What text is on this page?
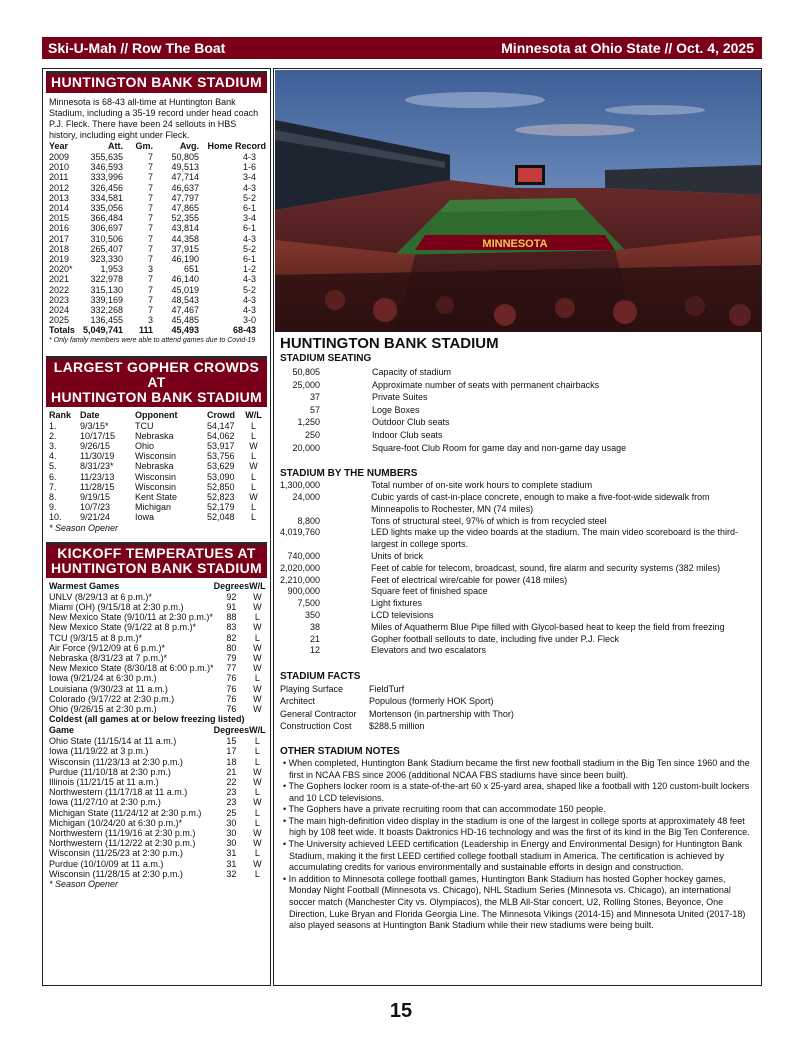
Ski-U-Mah // Row The Boat	Minnesota at Ohio State // Oct. 4, 2025
HUNTINGTON BANK STADIUM
Minnesota is 68-43 all-time at Huntington Bank Stadium, including a 35-19 record under head coach P.J. Fleck. There have been 24 sellouts in HBS history, including eight under Fleck.
Year	Att.	Gm.	Avg.	Home Record
2009	355,635	7	50,805	4-3
2010	346,593	7	49,513	1-6
2011	333,996	7	47,714	3-4
2012	326,456	7	46,637	4-3
2013	334,581	7	47,797	5-2
2014	335,056	7	47,865	6-1
2015	366,484	7	52,355	3-4
2016	306,697	7	43,814	6-1
2017	310,506	7	44,358	4-3
2018	265,407	7	37,915	5-2
2019	323,330	7	46,190	6-1
2020*	1,953	3	651	1-2
2021	322,978	7	46,140	4-3
2022	315,130	7	45,019	5-2
2023	339,169	7	48,543	4-3
2024	332,268	7	47,467	4-3
2025	136,455	3	45,485	3-0
Totals	5,049,741	111	45,493	68-43
* Only family members were able to attend games due to Covid-19
LARGEST GOPHER CROWDS AT
HUNTINGTON BANK STADIUM
Rank	Date	Opponent	Crowd	W/L
1.	9/3/15*	TCU	54,147	L
2.	10/17/15	Nebraska	54,062	L
3.	9/26/15	Ohio	53,917	W
4.	11/30/19	Wisconsin	53,756	L
5.	8/31/23*	Nebraska	53,629	W
6.	11/23/13	Wisconsin	53,090	L
7.	11/28/15	Wisconsin	52,850	L
8.	9/19/15	Kent State	52,823	W
9.	10/7/23	Michigan	52,179	L
10.	9/21/24	Iowa	52,048	L
* Season Opener
KICKOFF TEMPERATUES AT
HUNTINGTON BANK STADIUM
Warmest Games	Degrees	W/L
UNLV (8/29/13 at 6 p.m.)*	92	W
Miami (OH) (9/15/18 at 2:30 p.m.)	91	W
New Mexico State (9/10/11 at 2:30 p.m.)*	88	L
New Mexico State (9/1/22 at 8 p.m.)*	83	W
TCU (9/3/15 at 8 p.m.)*	82	L
Air Force (9/12/09 at 6 p.m.)*	80	W
Nebraska (8/31/23 at 7 p.m.)*	79	W
New Mexico State (8/30/18 at 6:00 p.m.)*	77	W
Iowa (9/21/24 at 6:30 p.m.)	76	L
Louisiana (9/30/23 at 11 a.m.)	76	W
Colorado (9/17/22 at 2:30 p.m.)	76	W
Ohio (9/26/15 at 2:30 p.m.)	76	W
Coldest (all games at or below freezing listed)		
Game	Degrees	W/L
Ohio State (11/15/14 at 11 a.m.)	15	L
Iowa (11/19/22 at 3 p.m.)	17	L
Wisconsin (11/23/13 at 2:30 p.m.)	18	L
Purdue (11/10/18 at 2:30 p.m.)	21	W
Illinois (11/21/15 at 11 a.m.)	22	W
Northwestern (11/17/18 at 11 a.m.)	23	L
Iowa (11/27/10 at 2:30 p.m.)	23	W
Michigan State (11/24/12 at 2:30 p.m.)	25	L
Michigan (10/24/20 at 6:30 p.m.)*	30	L
Northwestern (11/19/16 at 2:30 p.m.)	30	W
Northwestern (11/12/22 at 2:30 p.m.)	30	W
Wisconsin (11/25/23 at 2:30 p.m.)	31	L
Purdue (10/10/09 at 11 a.m.)	31	W
Wisconsin (11/28/15 at 2:30 p.m.)	32	L
* Season Opener
MINNESOTA
HUNTINGTON BANK STADIUM
STADIUM SEATING
50,805	Capacity of stadium
25,000	Approximate number of seats with permanent chairbacks
37	Private Suites
57	Loge Boxes
1,250	Outdoor Club seats
250	Indoor Club seats
20,000	Square-foot Club Room for game day and non-game day usage
STADIUM BY THE NUMBERS
1,300,000	Total number of on-site work hours to complete stadium
24,000	Cubic yards of cast-in-place concrete, enough to make a five-foot-wide sidewalk from Minneapolis to Rochester, MN (74 miles)
8,800	Tons of structural steel, 97% of which is from recycled steel
4,019,760	LED lights make up the video boards at the stadium. The main video scoreboard is the third-largest in college sports.
740,000	Units of brick
2,020,000	Feet of cable for telecom, broadcast, sound, fire alarm and security systems (382 miles)
2,210,000	Feet of electrical wire/cable for power (418 miles)
900,000	Square feet of finished space
7,500	Light fixtures
350	LCD televisions
38	Miles of Aquatherm Blue Pipe filled with Glycol-based heat to keep the field from freezing
21	Gopher football sellouts to date, including five under P.J. Fleck
12	Elevators and two escalators
STADIUM FACTS
Playing Surface	FieldTurf
Architect	Populous (formerly HOK Sport)
General Contractor	Mortenson (in partnership with Thor)
Construction Cost	$288.5 million
OTHER STADIUM NOTES
• When completed, Huntington Bank Stadium became the first new football stadium in the Big Ten since 1960 and the first in NCAA FBS since 2006 (additional NCAA FBS stadiums have since been built).
• The Gophers locker room is a state-of-the-art 60 x 25-yard area, shaped like a football with 120 custom-built lockers and 10 LCD televisions.
• The Gophers have a private recruiting room that can accommodate 150 people.
• The main high-definition video display in the stadium is one of the largest in college sports at approximately 48 feet high by 108 feet wide. It boasts Daktronics HD-16 technology and was the first of its kind in the Big Ten Conference.
• The University achieved LEED certification (Leadership in Energy and Environmental Design) for Huntington Bank Stadium, making it the first LEED certified college football stadium in America. The certification is achieved by accumulating credits for various environmentally and sustainable efforts in design and construction.
• In addition to Minnesota college football games, Huntington Bank Stadium has hosted Gopher hockey games, Monday Night Football (Minnesota vs. Chicago), NHL Stadium Series (Minnesota vs. Chicago), an international soccer match (Manchester City vs. Olympiacos), the MLB All-Star concert, U2, Rolling Stones, Beyonce, One Direction, Luke Bryan and Florida Georgia Line. The Minnesota Vikings (2014-15) and Minnesota United (2017-18) also played seasons at Huntington Bank Stadium while their new stadiums were being built.
15
